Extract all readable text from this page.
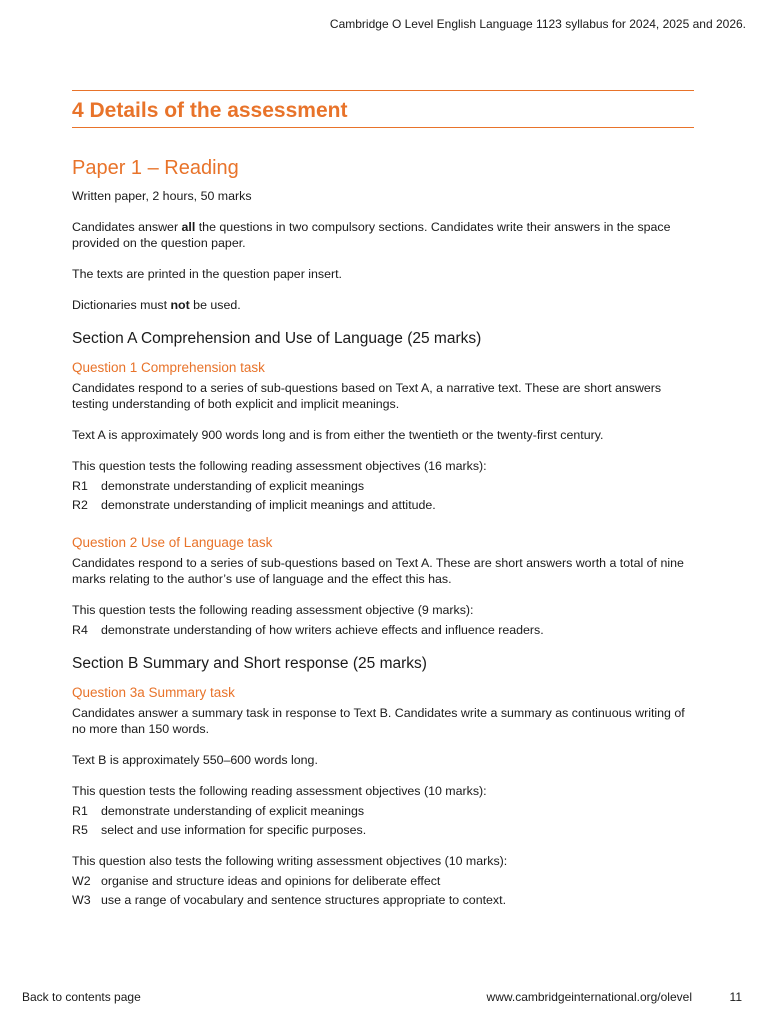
Cambridge O Level English Language 1123 syllabus for 2024, 2025 and 2026.
4 Details of the assessment
Paper 1 – Reading

Written paper, 2 hours, 50 marks

Candidates answer all the questions in two compulsory sections. Candidates write their answers in the space provided on the question paper.

The texts are printed in the question paper insert.

Dictionaries must not be used.

Section A Comprehension and Use of Language (25 marks)
Question 1 Comprehension task

Candidates respond to a series of sub-questions based on Text A, a narrative text. These are short answers testing understanding of both explicit and implicit meanings.

Text A is approximately 900 words long and is from either the twentieth or the twenty-first century.

This question tests the following reading assessment objectives (16 marks):

R1	demonstrate understanding of explicit meanings
R2	demonstrate understanding of implicit meanings and attitude.
Question 2 Use of Language task

Candidates respond to a series of sub-questions based on Text A. These are short answers worth a total of nine marks relating to the author’s use of language and the effect this has.

This question tests the following reading assessment objective (9 marks):

R4	demonstrate understanding of how writers achieve effects and influence readers.
Section B Summary and Short response (25 marks)
Question 3a Summary task

Candidates answer a summary task in response to Text B. Candidates write a summary as continuous writing of no more than 150 words.

Text B is approximately 550–600 words long.

This question tests the following reading assessment objectives (10 marks):

R1	demonstrate understanding of explicit meanings
R5	select and use information for specific purposes.

This question also tests the following writing assessment objectives (10 marks):

W2 organise and structure ideas and opinions for deliberate effect
W3 use a range of vocabulary and sentence structures appropriate to context.
Back to contents page	www.cambridgeinternational.org/olevel	11
